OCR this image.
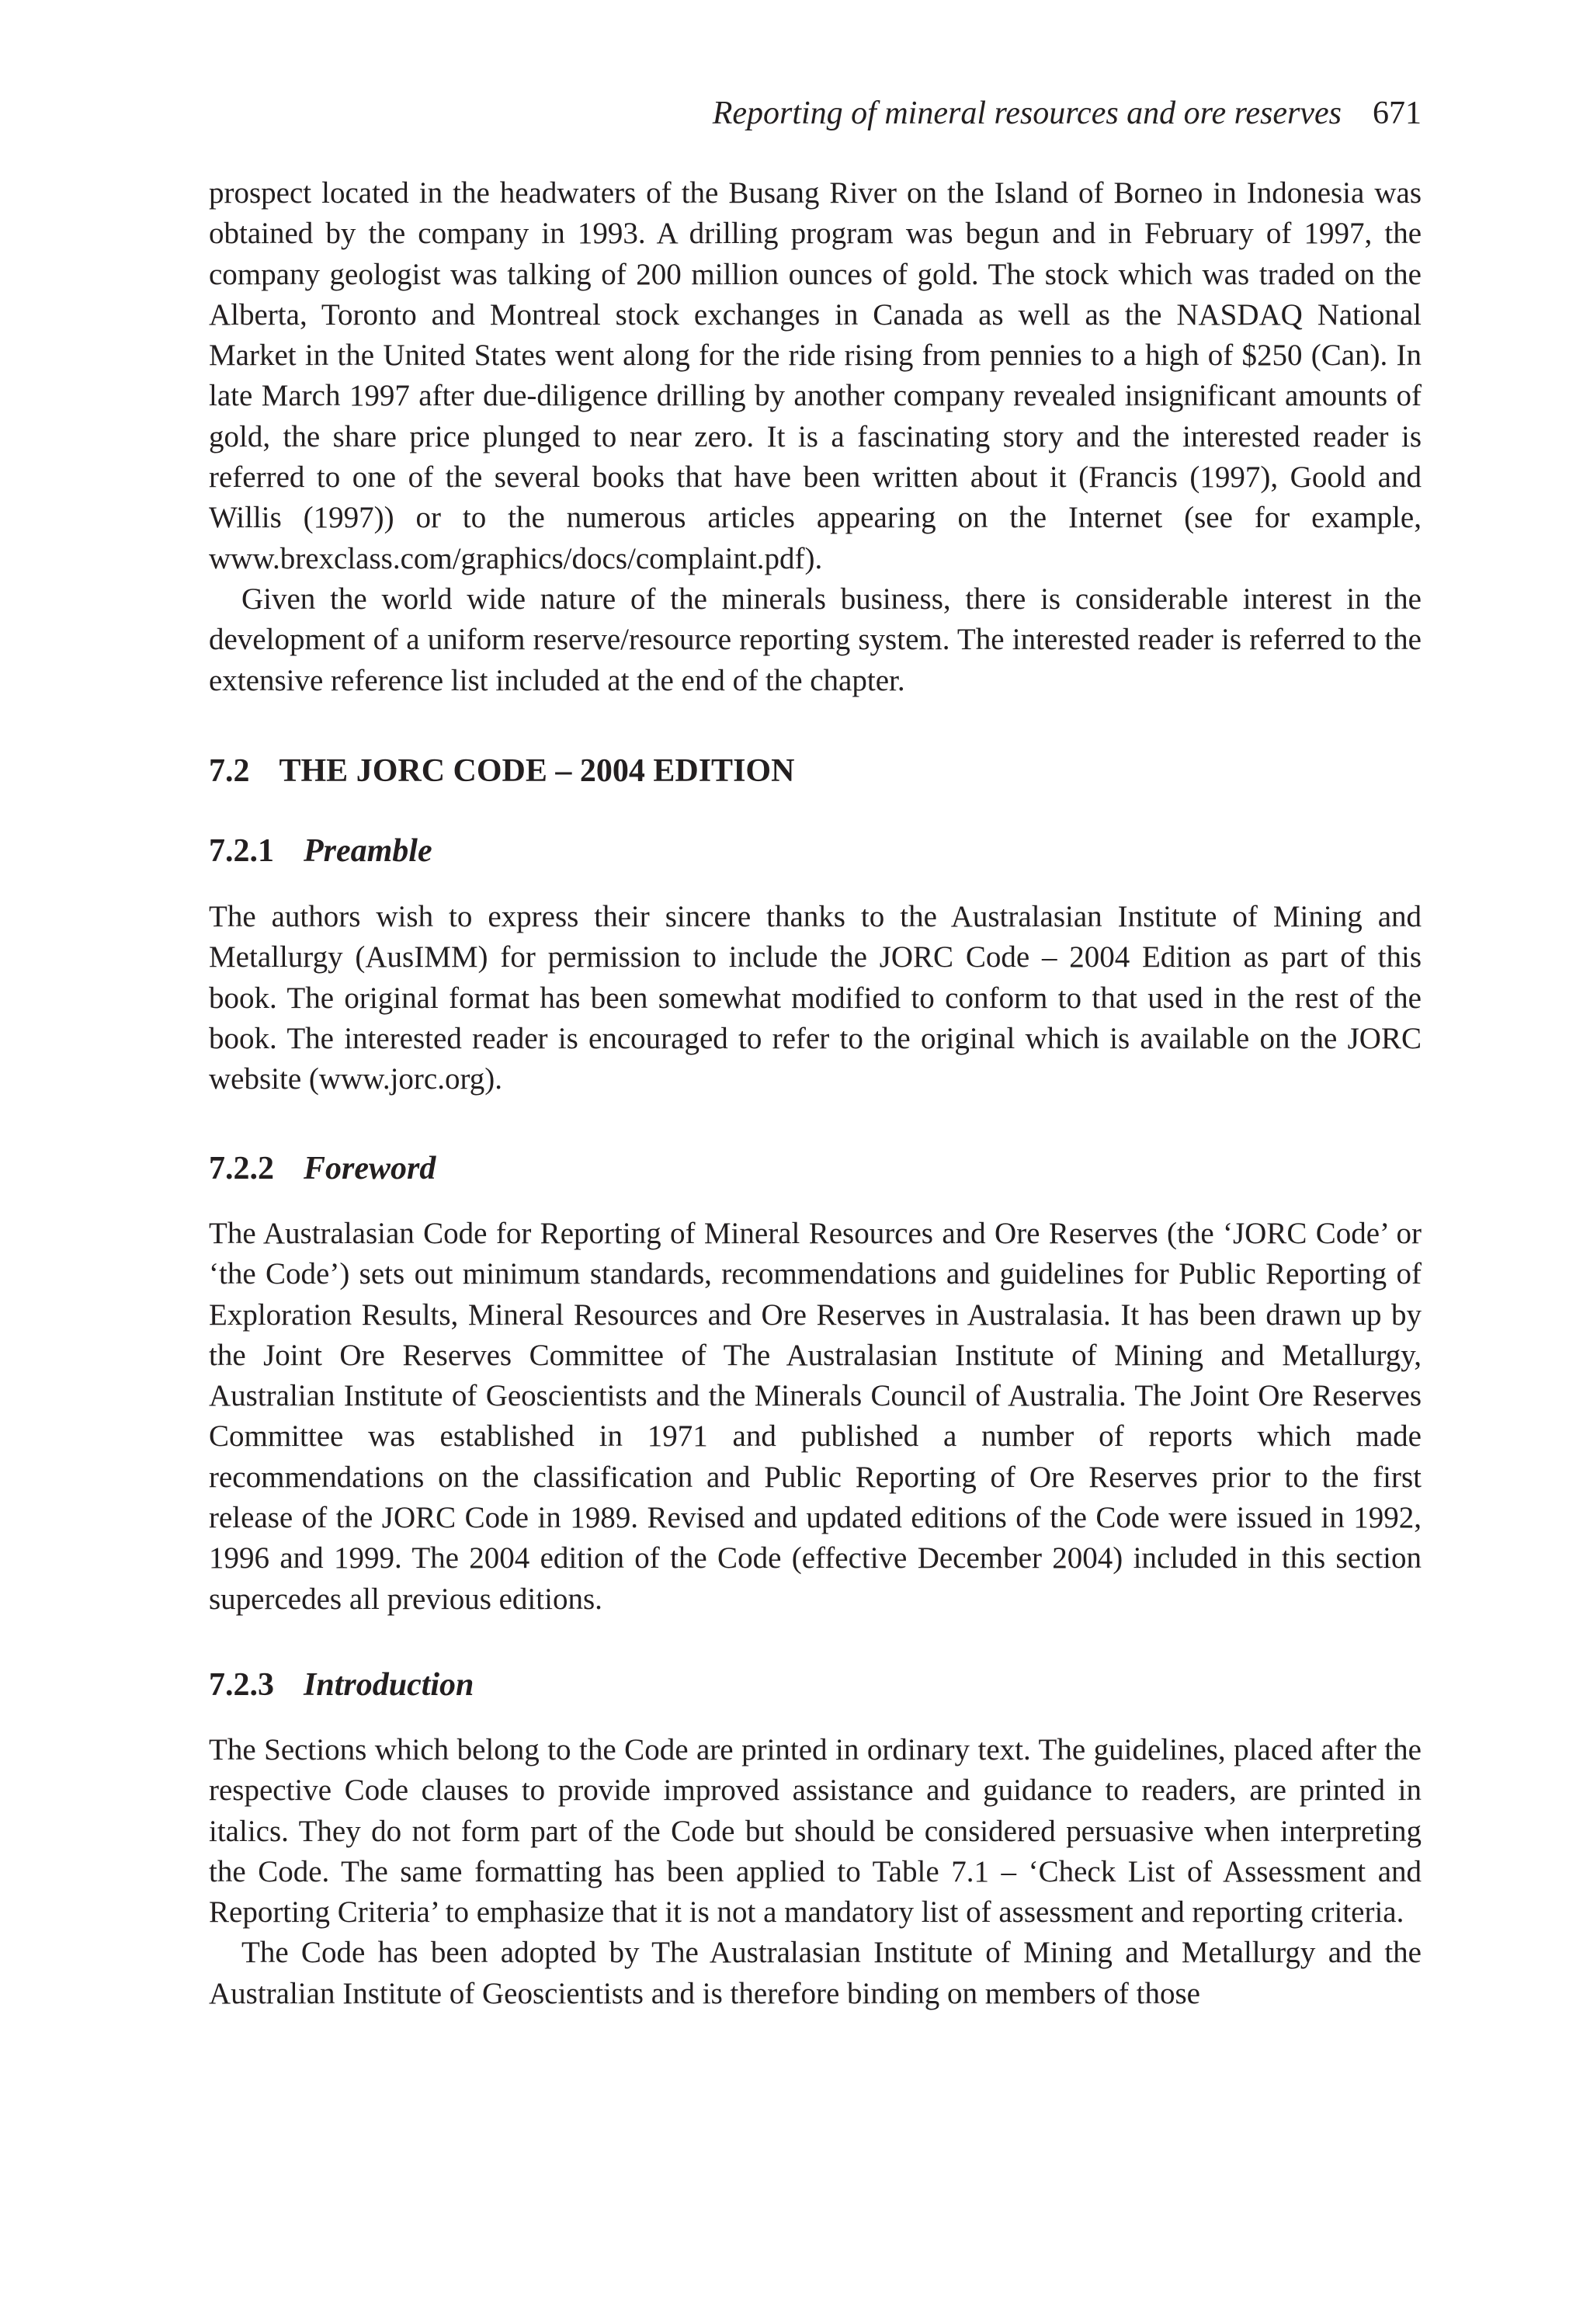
Reporting of mineral resources and ore reserves 671

prospect located in the headwaters of the Busang River on the Island of Borneo in Indonesia was obtained by the company in 1993. A drilling program was begun and in February of 1997, the company geologist was talking of 200 million ounces of gold. The stock which was traded on the Alberta, Toronto and Montreal stock exchanges in Canada as well as the NASDAQ National Market in the United States went along for the ride rising from pennies to a high of $250 (Can). In late March 1997 after due-diligence drilling by another company revealed insignificant amounts of gold, the share price plunged to near zero. It is a fascinating story and the interested reader is referred to one of the several books that have been written about it (Francis (1997), Goold and Willis (1997)) or to the numerous articles appearing on the Internet (see for example, www.brexclass.com/graphics/docs/complaint.pdf).

Given the world wide nature of the minerals business, there is considerable interest in the development of a uniform reserve/resource reporting system. The interested reader is referred to the extensive reference list included at the end of the chapter.

7.2 THE JORC CODE – 2004 EDITION
7.2.1 Preamble

The authors wish to express their sincere thanks to the Australasian Institute of Mining and Metallurgy (AusIMM) for permission to include the JORC Code – 2004 Edition as part of this book. The original format has been somewhat modified to conform to that used in the rest of the book. The interested reader is encouraged to refer to the original which is available on the JORC website (www.jorc.org).

7.2.2 Foreword

The Australasian Code for Reporting of Mineral Resources and Ore Reserves (the ‘JORC Code’ or ‘the Code’) sets out minimum standards, recommendations and guidelines for Public Reporting of Exploration Results, Mineral Resources and Ore Reserves in Australasia. It has been drawn up by the Joint Ore Reserves Committee of The Australasian Institute of Mining and Metallurgy, Australian Institute of Geoscientists and the Minerals Council of Australia. The Joint Ore Reserves Committee was established in 1971 and published a number of reports which made recommendations on the classification and Public Reporting of Ore Reserves prior to the first release of the JORC Code in 1989. Revised and updated editions of the Code were issued in 1992, 1996 and 1999. The 2004 edition of the Code (effective December 2004) included in this section supercedes all previous editions.

7.2.3 Introduction

The Sections which belong to the Code are printed in ordinary text. The guidelines, placed after the respective Code clauses to provide improved assistance and guidance to readers, are printed in italics. They do not form part of the Code but should be considered persuasive when interpreting the Code. The same formatting has been applied to Table 7.1 – ‘Check List of Assessment and Reporting Criteria’ to emphasize that it is not a mandatory list of assessment and reporting criteria.

The Code has been adopted by The Australasian Institute of Mining and Metallurgy and the Australian Institute of Geoscientists and is therefore binding on members of those
